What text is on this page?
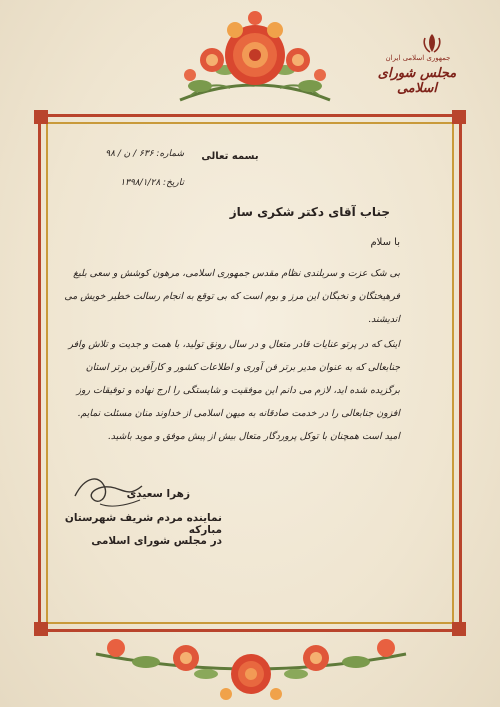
جمهوری اسلامی ایران
مجلس شورای اسلامی
بسمه تعالی
شماره: ۶۳۶ / ن / ۹۸
تاریخ: ۱۳۹۸/۱/۲۸
جناب آقای دکتر شکری ساز
با سلام
بی شک عزت و سربلندی نظام مقدس جمهوری اسلامی، مرهون کوشش و سعی بلیغ فرهیختگان و نخبگان این مرز و بوم است که بی توقع به انجام رسالت خطیر خویش می اندیشند.
اینک که در پرتو عنایات قادر متعال و در سال رونق تولید، با همت و جدیت و تلاش وافر جنابعالی که به عنوان مدیر برتر فن آوری و اطلاعات کشور و کارآفرین برتر استان برگزیده شده اید، لازم می دانم این موفقیت و شایستگی را ارج نهاده و توفیقات روز افزون جنابعالی را در خدمت صادقانه به میهن اسلامی از خداوند منان مسئلت نمایم. امید است همچنان با توکل پروردگار متعال بیش از پیش موفق و موید باشید.
زهرا سعیدی
نماینده مردم شریف شهرستان مبارکه
در مجلس شورای اسلامی
